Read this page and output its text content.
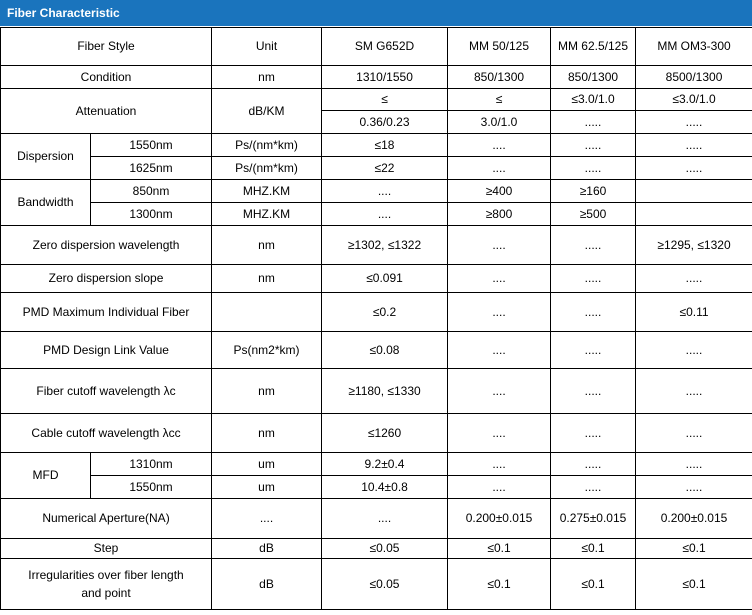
Fiber Characteristic
Fiber Style		Unit	SM G652D	MM 50/125	MM 62.5/125	MM OM3-300
Condition		nm	1310/1550	850/1300	850/1300	8500/1300
Attenuation		dB/KM	≤	≤	≤3.0/1.0	≤3.0/1.0
			0.36/0.23	3.0/1.0	.....	.....
Dispersion	1550nm	Ps/(nm*km)	≤18	....	.....	.....
	1625nm	Ps/(nm*km)	≤22	....	.....	.....
Bandwidth	850nm	MHZ.KM	....	≥400	≥160	
	1300nm	MHZ.KM	....	≥800	≥500	
Zero dispersion wavelength		nm	≥1302, ≤1322	....	.....	≥1295, ≤1320
Zero dispersion slope		nm	≤0.091	....	.....	.....
PMD Maximum Individual Fiber			≤0.2	....	.....	≤0.11
PMD Design Link Value		Ps(nm2*km)	≤0.08	....	.....	.....
Fiber cutoff wavelength λc		nm	≥1180, ≤1330	....	.....	.....
Cable cutoff wavelength λcc		nm	≤1260	....	.....	.....
MFD	1310nm	um	9.2±0.4	....	.....	.....
	1550nm	um	10.4±0.8	....	.....	.....
Numerical Aperture(NA)		....	....	0.200±0.015	0.275±0.015	0.200±0.015
Step		dB	≤0.05	≤0.1	≤0.1	≤0.1
Irregularities over fiber length and point		dB	≤0.05	≤0.1	≤0.1	≤0.1
